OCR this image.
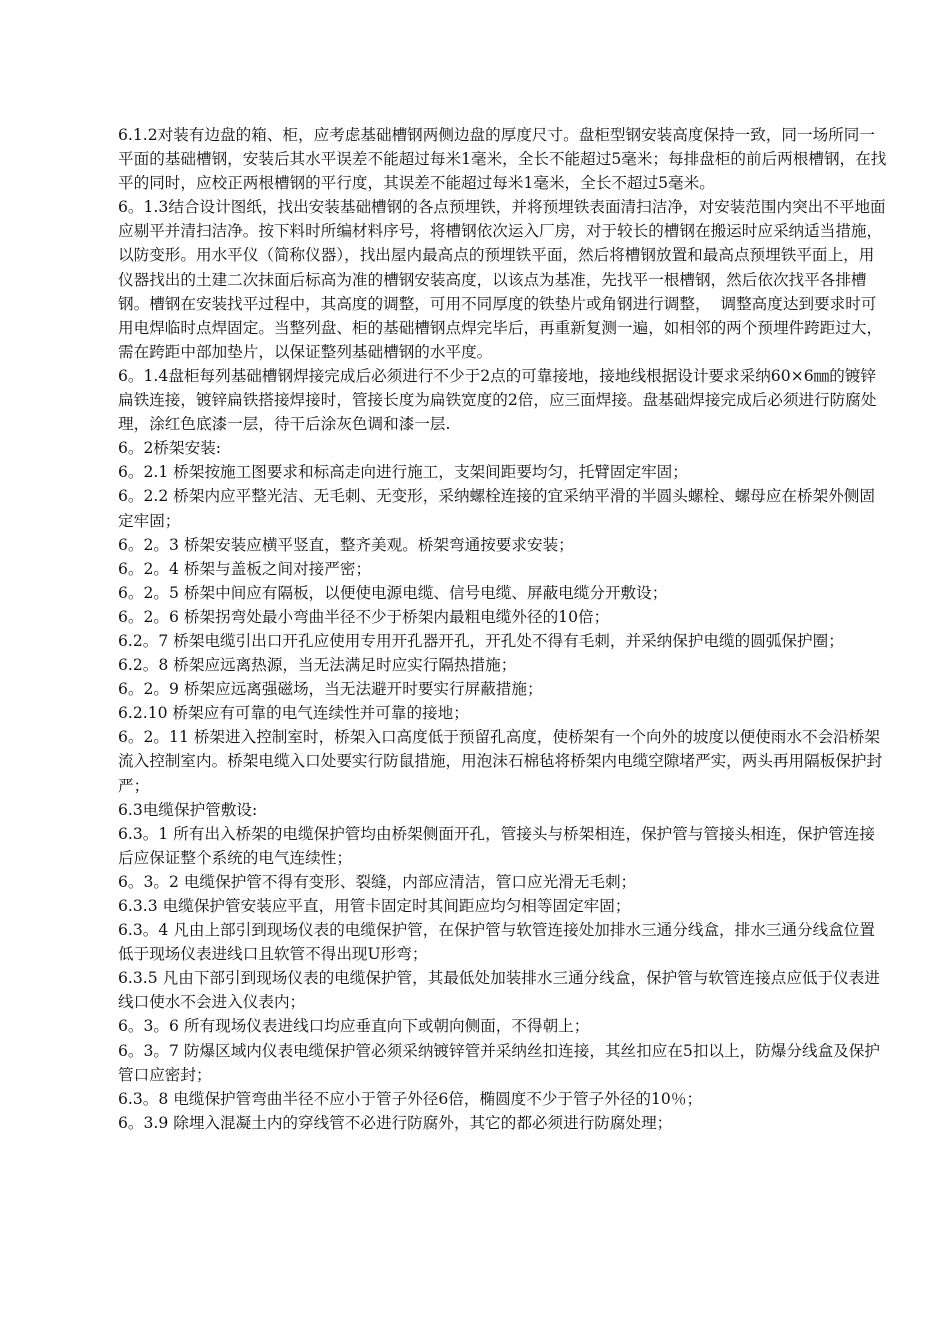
6.1.2对装有边盘的箱、柜，应考虑基础槽钢两侧边盘的厚度尺寸。盘柜型钢安装高度保持一致，同一场所同一平面的基础槽钢，安装后其水平误差不能超过每米1毫米，全长不能超过5毫米；每排盘柜的前后两根槽钢，在找平的同时，应校正两根槽钢的平行度，其误差不能超过每米1毫米，全长不超过5毫米。

6。1.3结合设计图纸，找出安装基础槽钢的各点预埋铁，并将预埋铁表面清扫洁净，对安装范围内突出不平地面应剔平并清扫洁净。按下料时所编材料序号，将槽钢依次运入厂房，对于较长的槽钢在搬运时应采纳适当措施，以防变形。用水平仪（简称仪器），找出屋内最高点的预埋铁平面，然后将槽钢放置和最高点预埋铁平面上，用仪器找出的土建二次抹面后标高为准的槽钢安装高度，以该点为基准，先找平一根槽钢，然后依次找平各排槽钢。槽钢在安装找平过程中，其高度的调整，可用不同厚度的铁垫片或角钢进行调整，  调整高度达到要求时可用电焊临时点焊固定。当整列盘、柜的基础槽钢点焊完毕后，再重新复测一遍，如相邻的两个预埋件跨距过大，需在跨距中部加垫片，以保证整列基础槽钢的水平度。

6。1.4盘柜每列基础槽钢焊接完成后必须进行不少于2点的可靠接地，接地线根据设计要求采纳60×6㎜的镀锌扁铁连接，镀锌扁铁搭接焊接时，管接长度为扁铁宽度的2倍，应三面焊接。盘基础焊接完成后必须进行防腐处理，涂红色底漆一层，待干后涂灰色调和漆一层.

6。2桥架安装:

6。2.1 桥架按施工图要求和标高走向进行施工，支架间距要均匀，托臂固定牢固；

6。2.2 桥架内应平整光洁、无毛刺、无变形，采纳螺栓连接的宜采纳平滑的半圆头螺栓、螺母应在桥架外侧固定牢固；

6。2。3 桥架安装应横平竖直，整齐美观。桥架弯通按要求安装；

6。2。4 桥架与盖板之间对接严密；

6。2。5 桥架中间应有隔板，以便使电源电缆、信号电缆、屏蔽电缆分开敷设；

6。2。6 桥架拐弯处最小弯曲半径不少于桥架内最粗电缆外径的10倍；

6.2。7 桥架电缆引出口开孔应使用专用开孔器开孔，开孔处不得有毛刺，并采纳保护电缆的圆弧保护圈；

6.2。8 桥架应远离热源，当无法满足时应实行隔热措施；

6。2。9 桥架应远离强磁场，当无法避开时要实行屏蔽措施；

6.2.10 桥架应有可靠的电气连续性并可靠的接地；

6。2。11 桥架进入控制室时，桥架入口高度低于预留孔高度，使桥架有一个向外的坡度以便使雨水不会沿桥架流入控制室内。桥架电缆入口处要实行防鼠措施，用泡沫石棉毡将桥架内电缆空隙堵严实，两头再用隔板保护封严；

6.3电缆保护管敷设:

6.3。1 所有出入桥架的电缆保护管均由桥架侧面开孔，管接头与桥架相连，保护管与管接头相连，保护管连接后应保证整个系统的电气连续性；

6。3。2 电缆保护管不得有变形、裂缝，内部应清洁，管口应光滑无毛刺；

6.3.3 电缆保护管安装应平直，用管卡固定时其间距应均匀相等固定牢固；

6.3。4 凡由上部引到现场仪表的电缆保护管，在保护管与软管连接处加排水三通分线盒，排水三通分线盒位置低于现场仪表进线口且软管不得出现U形弯；

6.3.5 凡由下部引到现场仪表的电缆保护管，其最低处加装排水三通分线盒，保护管与软管连接点应低于仪表进线口使水不会进入仪表内；

6。3。6 所有现场仪表进线口均应垂直向下或朝向侧面，不得朝上；

6。3。7 防爆区域内仪表电缆保护管必须采纳镀锌管并采纳丝扣连接，其丝扣应在5扣以上，防爆分线盒及保护管口应密封；

6.3。8 电缆保护管弯曲半径不应小于管子外径6倍，椭圆度不少于管子外径的10％；

6。3.9 除埋入混凝土内的穿线管不必进行防腐外，其它的都必须进行防腐处理；
